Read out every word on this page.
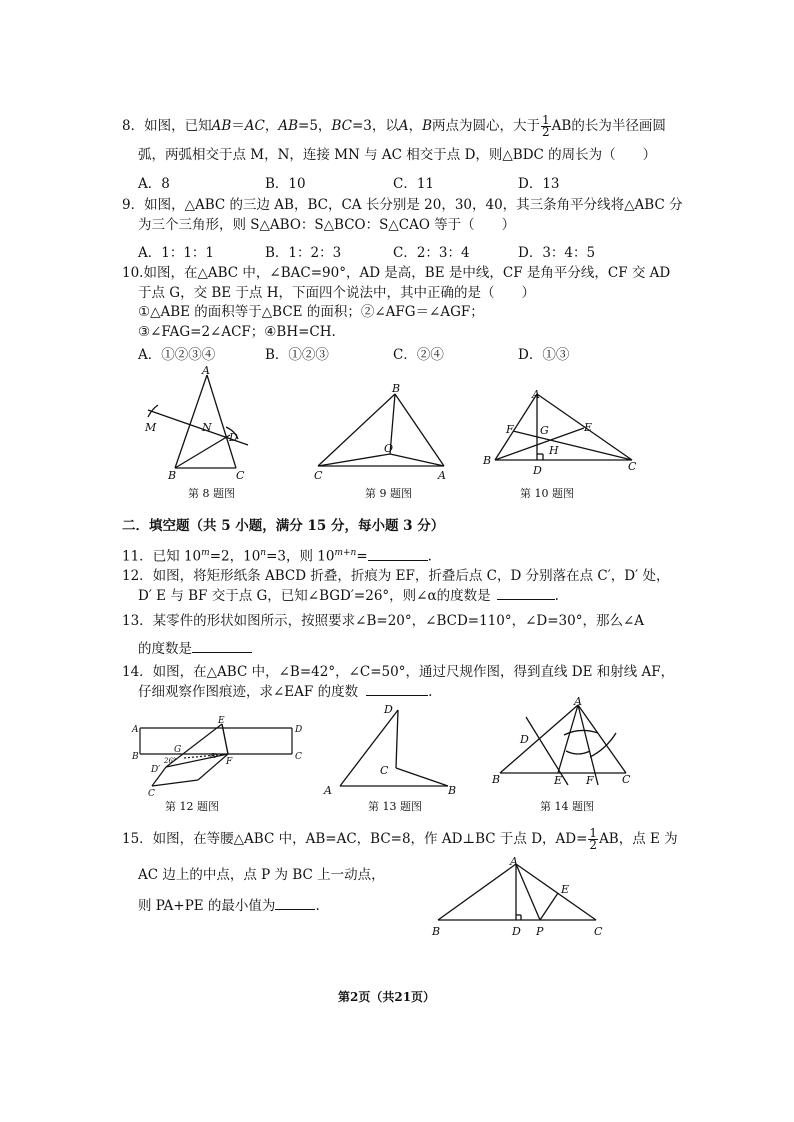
8．如图，已知AB＝AC，AB=5，BC=3，以A，B两点为圆心，大于 $\frac{1}{2}$ AB的长为半径画圆
弧，两弧相交于点 M，N，连接 MN 与 AC 相交于点 D，则△BDC 的周长为（　　）
A．8	B．10	C．11	D．13
9．如图，△ABC 的三边 AB，BC，CA 长分别是 20，30，40，其三条角平分线将△ABC 分
为三个三角形，则 S△ABO：S△BCO：S△CAO 等于（　　）
A．1：1：1	B．1：2：3	C．2：3：4	D．3：4：5
10.如图，在△ABC 中，∠BAC=90°，AD 是高，BE 是中线，CF 是角平分线，CF 交 AD
于点 G，交 BE 于点 H，下面四个说法中，其中正确的是（　　）
①△ABE 的面积等于△BCE 的面积；②∠AFG＝∠AGF；
③∠FAG=2∠ACF；④BH=CH.
A．①②③④	B．①②③	C．②④	D．①③
A
M	N
D
B	C
第 8 题图
B
O
C	A
第 9 题图
A
F G	E
H
B
D	C
第 10 题图
二．填空题（共 5 小题，满分 15 分，每小题 3 分）
11．已知 $10^m=2$，$10^n=3$，则 $10^{m+n}=$	.
12．如图，将矩形纸条 ABCD 折叠，折痕为 EF，折叠后点 C，D 分别落在点 C′，D′ 处，
D′ E 与 BF 交于点 G，已知∠BGD′=26°，则∠α的度数是	.
13．某零件的形状如图所示，按照要求∠B=20°，∠BCD=110°，∠D=30°，那么∠A
的度数是
14．如图，在△ABC 中，∠B=42°，∠C=50°，通过尺规作图，得到直线 DE 和射线 AF，
仔细观察作图痕迹，求∠EAF 的度数	.
A
B
E
D
C
G
D′
26°	α
F
C
第 12 题图
D
C
A	B
第 13 题图
A
D
B	E F	C
第 14 题图
15．如图，在等腰△ABC 中，AB=AC，BC=8，作 AD⊥BC 于点 D，$AD= \frac{1}{2}$ AB，点 E 为
AC 边上的中点，点 P 为 BC 上一动点，
则 PA+PE 的最小值为	.
A
E
B	D P	C
第2页（共21页）
